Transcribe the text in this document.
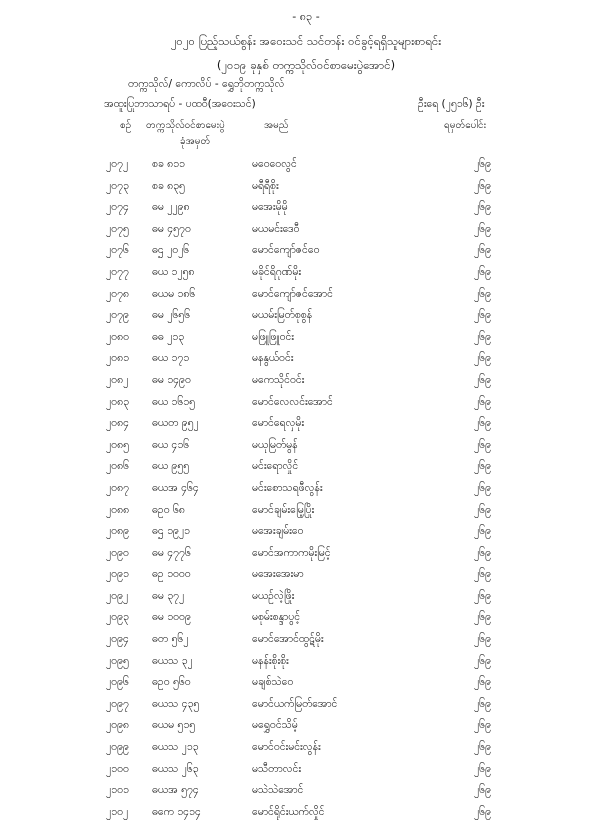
- ၈၃ -
၂၀၂၀ ပြည့်သယ်စွန်း အဝေးသင် သင်တန်း ဝင်ခွင့်ရရှိသူများစာရင်း
(၂၀၁၉ ခုနှစ် တက္ကသိုလ်ဝင်စာမေးပွဲအောင်)
တက္ကသိုလ်/ ကောလိပ် - ရွှေဘိုတက္ကသိုလ်
အထူးပြုဘာသာရပ် - ပထဝီ(အဝေးသင်)	ဦးရေ (၂၅၁၆) ဦး
စဉ် တက္ကသိုလ်ဝင်စာမေးပွဲ
ခုံအမှတ်
အမည်	ရမှတ်ပေါင်း
၂၀၇၂ စခ ၈၁၁	မဝေဝေလွင်	၂၆၉
၂၀၇၃ စခ ၈၃၅	မရီရီစိုး	၂၆၉
၂၀၇၄ ဓမ ၂၂၉၈	မအေးမိုမို	၂၆၉
၂၀၇၅ ဓမ ၄၅၇၀	မယမင်းဒေဝီ	၂၆၉
၂၀၇၆ ဓဌ ၂၀၂၆	မောင်ကျော်ဇင်ဝေ	၂၆၉
၂၀၇၇ ဓယ ၁၂၅၈	မခိုင်ရိဂုဏ်မိုး	၂၆၉
၂၀၇၈ ဓယမ ၁၈၆	မောင်ကျော်ဇင်အောင်	၂၆၉
၂၀၇၉ ဓမ ၂၆၅၆	မယမ်းမြတ်စုစွန်	၂၆၉
၂၀၈၀ ဓဓ ၂၁၃	မဖြူဖြူဝင်း	၂၆၉
၂၀၈၁ ဓယ ၁၇၁	မနနွယ်ဝင်း	၂၆၉
၂၀၈၂ ဓမ ၁၄၉၀	မကေသိုင်ဝင်း	၂၆၉
၂၀၈၃ ဓယ ၁၆၁၅	မောင်လေလင်းအောင်	၂၆၉
၂၀၈၄ ဓယတ ၉၅၂	မောင်ရေလှမိုး	၂၆၉
၂၀၈၅ ဓယ ၄၁၆	မယုမြတ်မွန်	၂၆၉
၂၀၈၆ ဓယ ၉၅၅	မင်းရောလှိုင်	၂၆၉
၂၀၈၇ ဓယအ ၄၆၄	မင်းစောသရဖီလွန်း	၂၆၉
၂၀၈၈ ဓဥ၀ ၆၈	မောင်ချမ်းမြေ့ပြိုး	၂၆၉
၂၀၈၉ ဓဌ ၁၉၂၁	မအေးချမ်းဝေ	၂၆၉
၂၀၉၀ ဓမ ၄၇၇၆	မောင်အကာကမိုးမြင့်	၂၆၉
၂၀၉၁ ဓဥ ၁၀၀၀	မအေးအေးမာ	၂၆၉
၂၀၉၂ ဓမ ၃၇၂	မယဉ်လဲ့ဖြိုး	၂၆၉
၂၀၉၃ ဓမ ၁၀၀၉	မစုမ်းစန္ဒာပွင့်	၂၆၉
၂၀၉၄ ဓတ ၅၆၂	မောင်အောင်ထွဋ်မိုး	၂၆၉
၂၀၉၅ ဓယသ ၃၂	မနန်းစိုးစိုး	၂၆၉
၂၀၉၆ ဓဥ၀ ၅၆၀	မချစ်သဲဝေ	၂၆၉
၂၀၉၇ ဓယသ ၄၃၅	မောင်ယက်မြတ်အောင်	၂၆၉
၂၀၉၈ ဓယမ ၅၁၅	မရွှေဝင်သိမ့်	၂၆၉
၂၀၉၉ ဓယသ ၂၁၃	မောင်ဝင်းမင်းလွန်း	၂၆၉
၂၁၀၀ ဓယသ ၂၆၃	မသီတာလင်း	၂၆၉
၂၁၀၁ ဓယအ ၅၇၄	မသဲသဲအောင်	၂၆၉
၂၁၀၂ ဓကေ ၁၄၁၄	မောင်ရိုင်းယက်လှိုင်	၂၆၉
